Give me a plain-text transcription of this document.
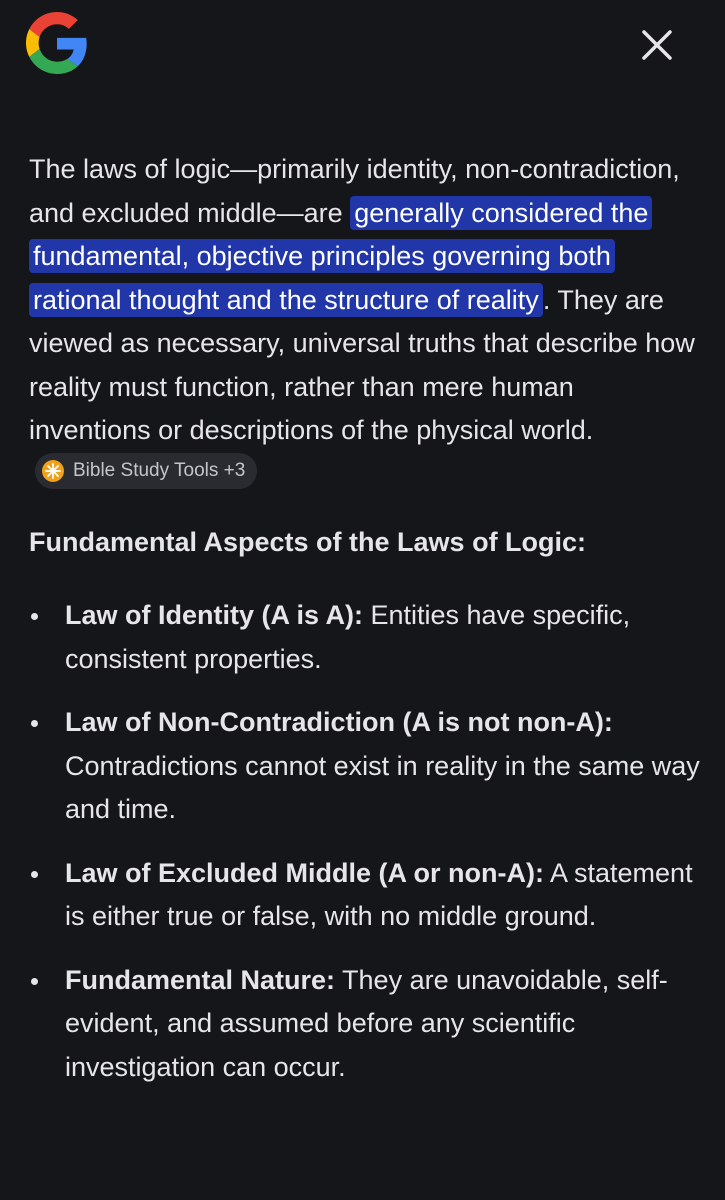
The laws of logic—primarily identity, non-contradiction, and excluded middle—are generally considered the fundamental, objective principles governing both rational thought and the structure of reality . They are viewed as necessary, universal truths that describe how reality must function, rather than mere human inventions or descriptions of the physical world.
Bible Study Tools +3

Fundamental Aspects of the Laws of Logic:
Law of Identity (A is A): Entities have specific, consistent properties.
Law of Non-Contradiction (A is not non-A): Contradictions cannot exist in reality in the same way and time.
Law of Excluded Middle (A or non-A): A statement is either true or false, with no middle ground.
Fundamental Nature: They are unavoidable, self-evident, and assumed before any scientific investigation can occur.
